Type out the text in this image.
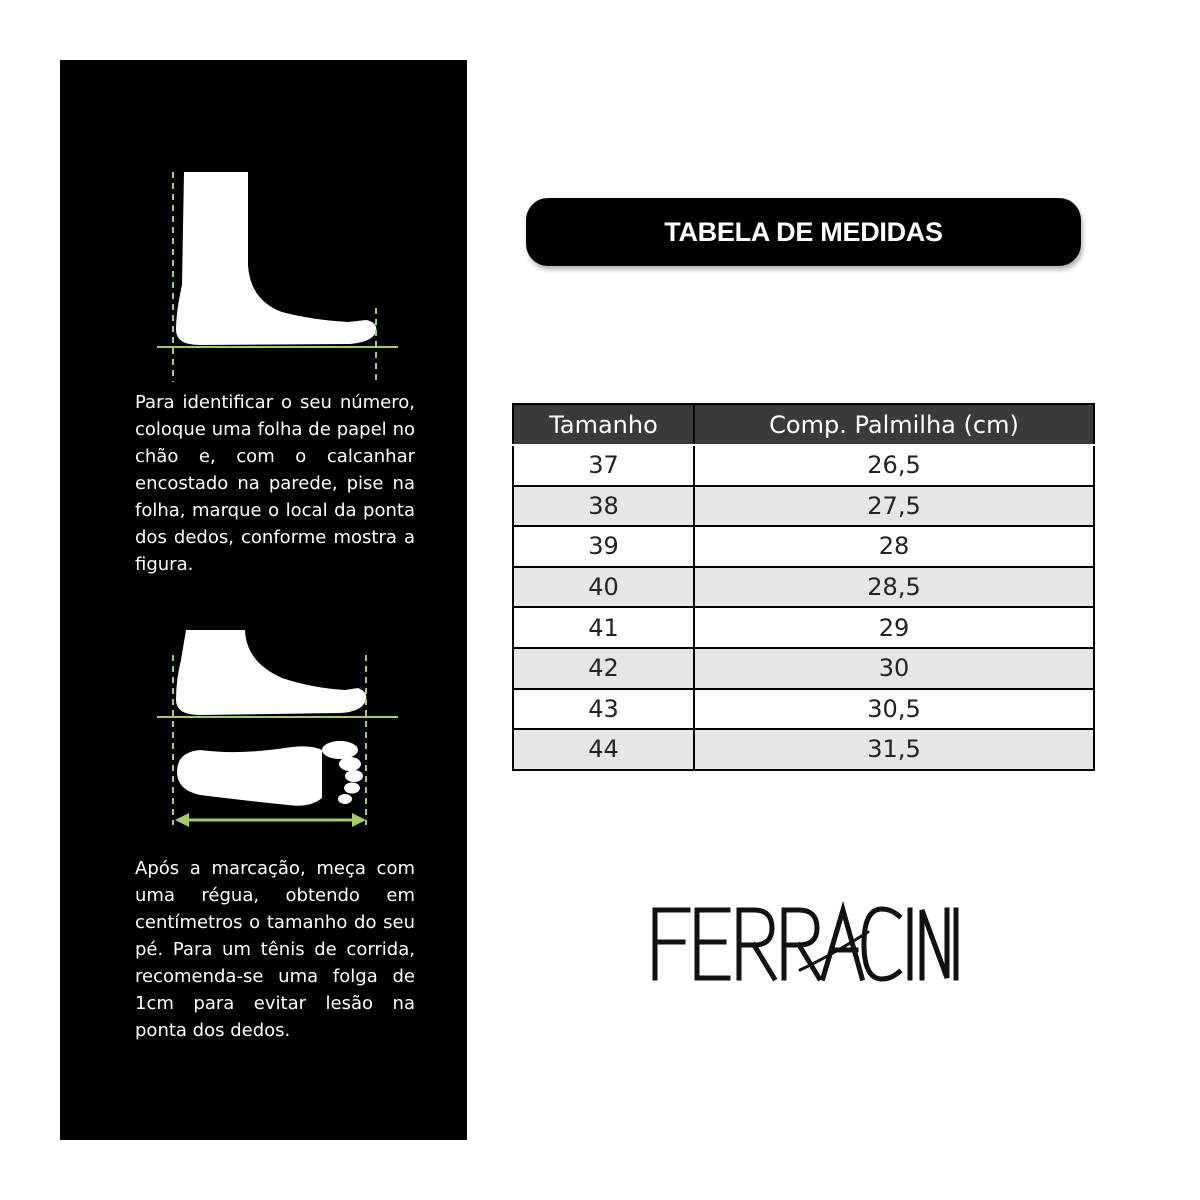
Para identificar o seu número, coloque uma folha de papel no chão e, com o calcanhar encostado na parede, pise na folha, marque o local da ponta dos dedos, conforme mostra a figura.

Após a marcação, meça com uma régua, obtendo em centímetros o tamanho do seu pé. Para um tênis de corrida, recomenda-se uma folga de 1cm para evitar lesão na ponta dos dedos.

TABELA DE MEDIDAS
Tamanho	Comp. Palmilha (cm)
37	26,5
38	27,5
39	28
40	28,5
41	29
42	30
43	30,5
44	31,5
